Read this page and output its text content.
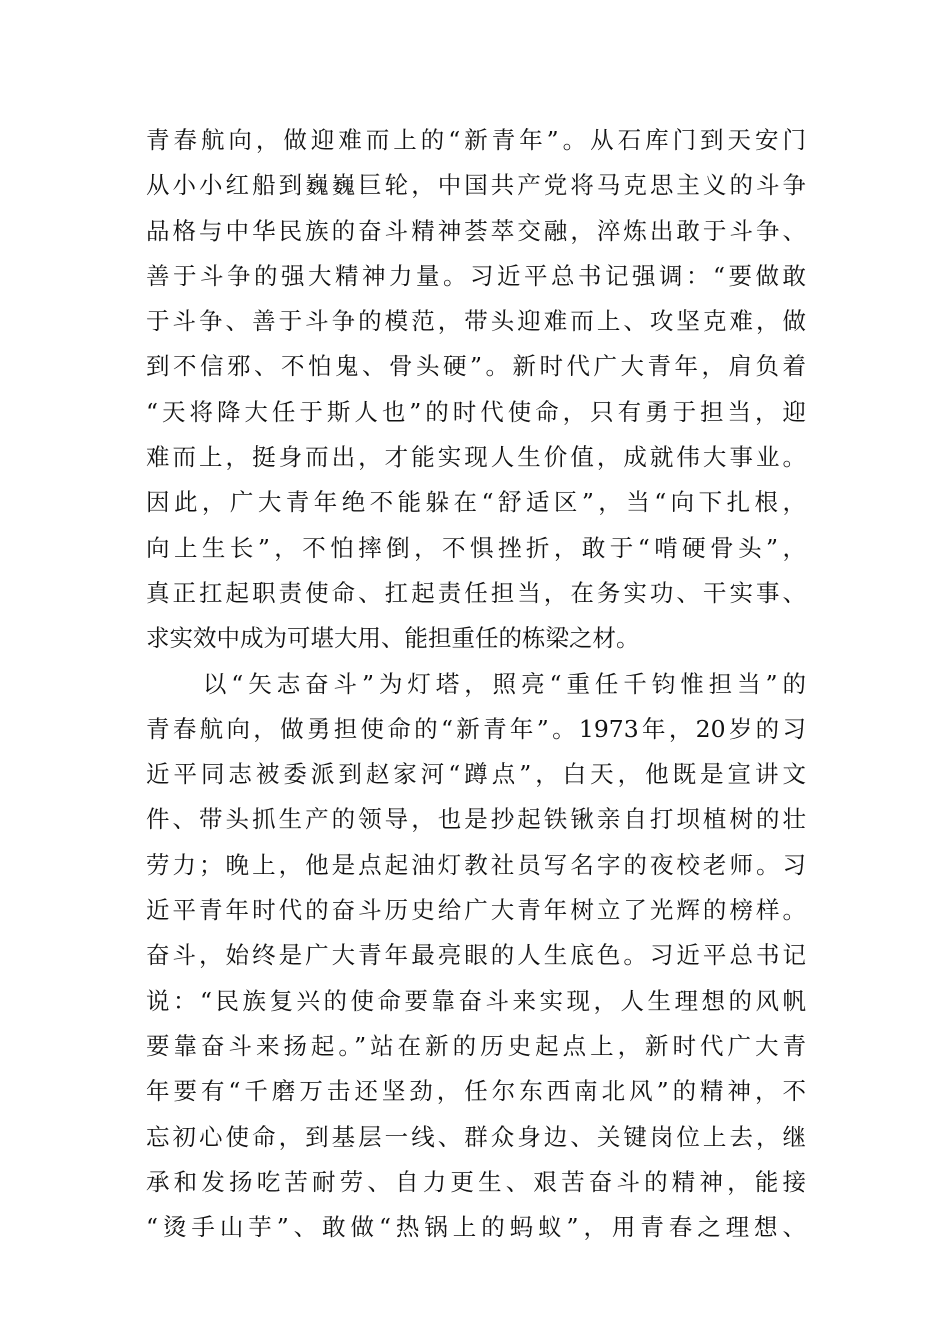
青春航向，做迎难而上的“新青年”。从石库门到天安门
从小小红船到巍巍巨轮，中国共产党将马克思主义的斗争
品格与中华民族的奋斗精神荟萃交融，淬炼出敢于斗争、
善于斗争的强大精神力量。习近平总书记强调：“要做敢
于斗争、善于斗争的模范，带头迎难而上、攻坚克难，做
到不信邪、不怕鬼、骨头硬”。新时代广大青年，肩负着
“天将降大任于斯人也”的时代使命，只有勇于担当，迎
难而上，挺身而出，才能实现人生价值，成就伟大事业。
因此，广大青年绝不能躲在“舒适区”，当“向下扎根，
向上生长”，不怕摔倒，不惧挫折，敢于“啃硬骨头”，
真正扛起职责使命、扛起责任担当，在务实功、干实事、
求实效中成为可堪大用、能担重任的栋梁之材。
　　以“矢志奋斗”为灯塔，照亮“重任千钧惟担当”的
青春航向，做勇担使命的“新青年”。1973年，20岁的习
近平同志被委派到赵家河“蹲点”，白天，他既是宣讲文
件、带头抓生产的领导，也是抄起铁锹亲自打坝植树的壮
劳力；晚上，他是点起油灯教社员写名字的夜校老师。习
近平青年时代的奋斗历史给广大青年树立了光辉的榜样。
奋斗，始终是广大青年最亮眼的人生底色。习近平总书记
说：“民族复兴的使命要靠奋斗来实现，人生理想的风帆
要靠奋斗来扬起。”站在新的历史起点上，新时代广大青
年要有“千磨万击还坚劲，任尔东西南北风”的精神，不
忘初心使命，到基层一线、群众身边、关键岗位上去，继
承和发扬吃苦耐劳、自力更生、艰苦奋斗的精神，能接
“烫手山芋”、敢做“热锅上的蚂蚁”，用青春之理想、
